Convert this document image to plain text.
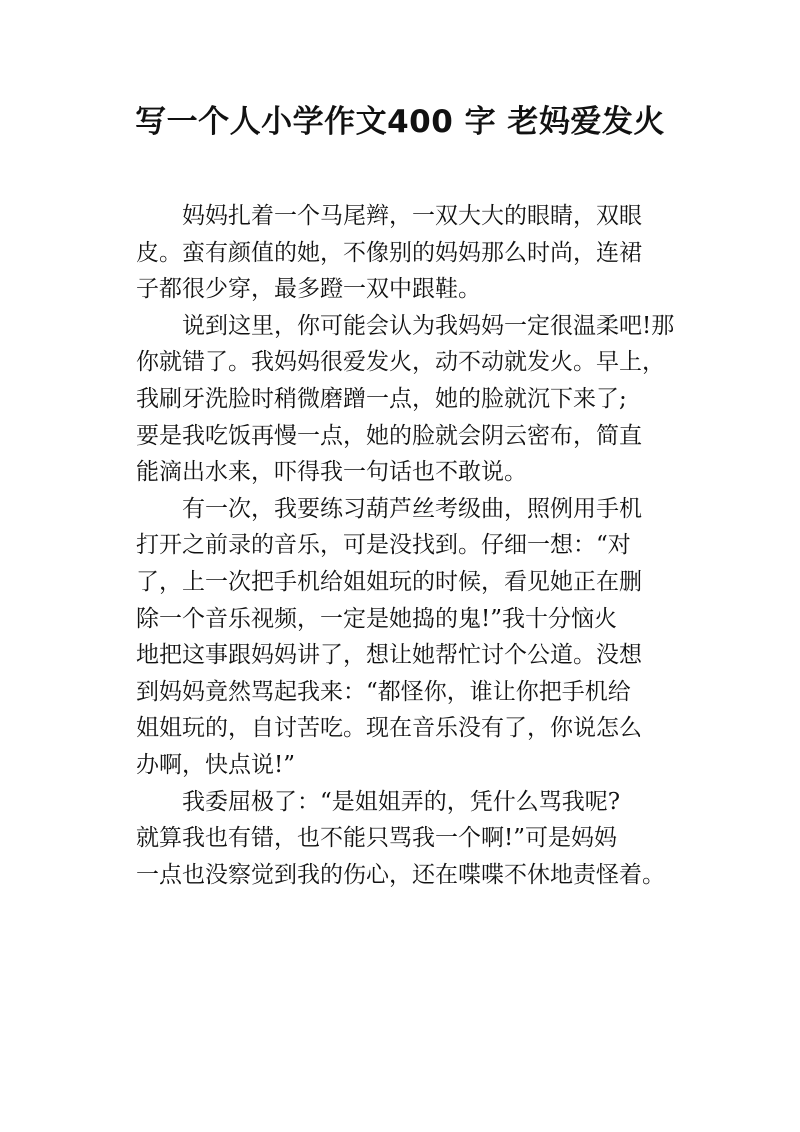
写一个人小学作文400 字 老妈爱发火
妈妈扎着一个马尾辫，一双大大的眼睛，双眼
皮。蛮有颜值的她，不像别的妈妈那么时尚，连裙
子都很少穿，最多蹬一双中跟鞋。
说到这里，你可能会认为我妈妈一定很温柔吧!那
你就错了。我妈妈很爱发火，动不动就发火。早上，
我刷牙洗脸时稍微磨蹭一点，她的脸就沉下来了;
要是我吃饭再慢一点，她的脸就会阴云密布，简直
能滴出水来，吓得我一句话也不敢说。
有一次，我要练习葫芦丝考级曲，照例用手机
打开之前录的音乐，可是没找到。仔细一想：“对
了，上一次把手机给姐姐玩的时候，看见她正在删
除一个音乐视频，一定是她捣的鬼!”我十分恼火
地把这事跟妈妈讲了，想让她帮忙讨个公道。没想
到妈妈竟然骂起我来：“都怪你，谁让你把手机给
姐姐玩的，自讨苦吃。现在音乐没有了，你说怎么
办啊，快点说!”
我委屈极了：“是姐姐弄的，凭什么骂我呢?
就算我也有错，也不能只骂我一个啊!”可是妈妈
一点也没察觉到我的伤心，还在喋喋不休地责怪着。
